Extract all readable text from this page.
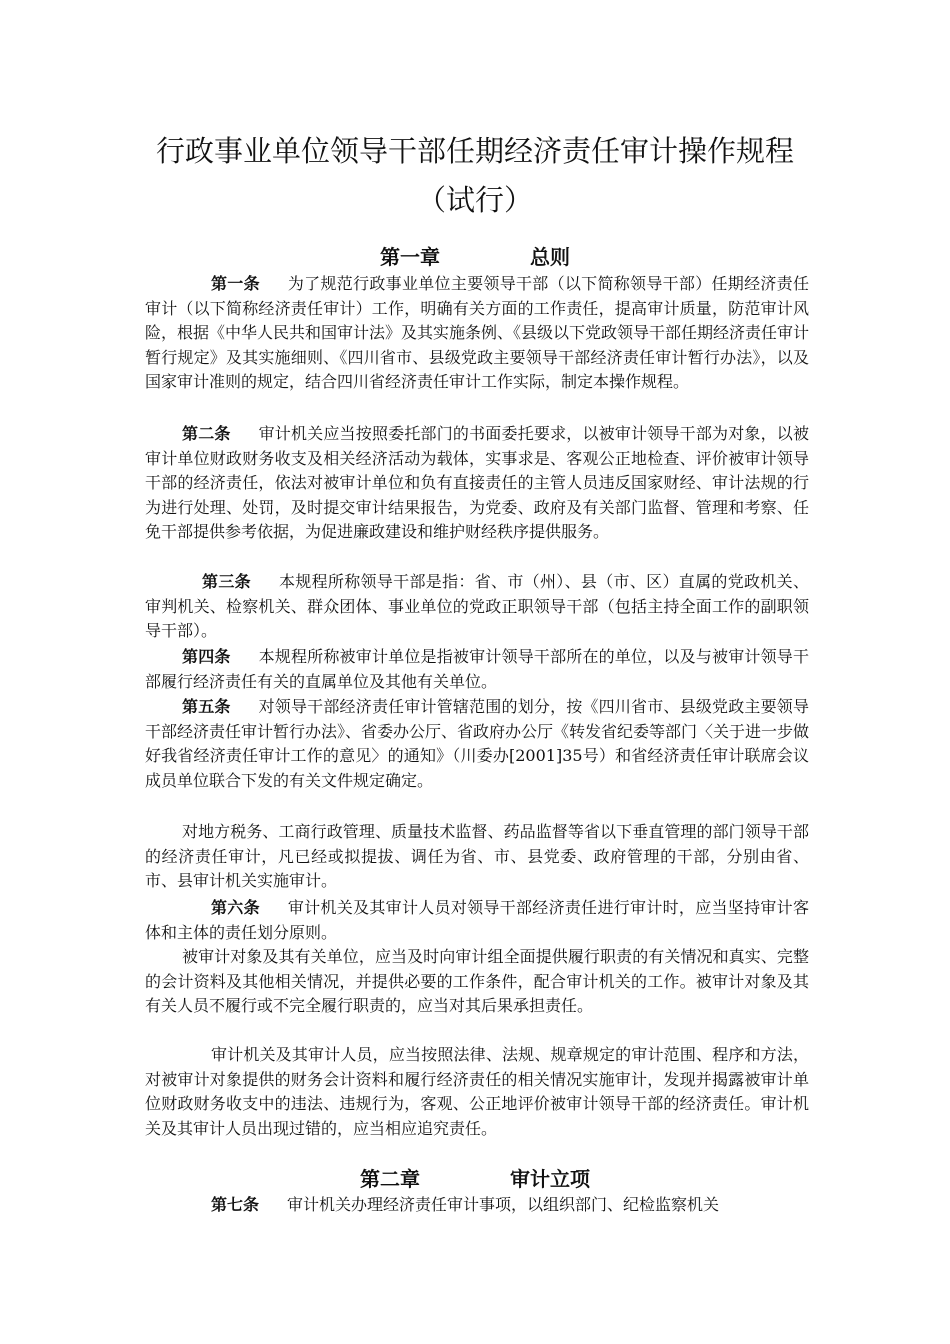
行政事业单位领导干部任期经济责任审计操作规程
（试行）
第一章	总则

第一条 为了规范行政事业单位主要领导干部（以下简称领导干部）任期经济责任审计（以下简称经济责任审计）工作，明确有关方面的工作责任，提高审计质量，防范审计风险，根据《中华人民共和国审计法》及其实施条例、《县级以下党政领导干部任期经济责任审计暂行规定》及其实施细则、《四川省市、县级党政主要领导干部经济责任审计暂行办法》，以及国家审计准则的规定，结合四川省经济责任审计工作实际，制定本操作规程。

第二条 审计机关应当按照委托部门的书面委托要求，以被审计领导干部为对象，以被审计单位财政财务收支及相关经济活动为载体，实事求是、客观公正地检查、评价被审计领导干部的经济责任，依法对被审计单位和负有直接责任的主管人员违反国家财经、审计法规的行为进行处理、处罚，及时提交审计结果报告，为党委、政府及有关部门监督、管理和考察、任免干部提供参考依据，为促进廉政建设和维护财经秩序提供服务。

第三条 本规程所称领导干部是指：省、市（州）、县（市、区）直属的党政机关、审判机关、检察机关、群众团体、事业单位的党政正职领导干部（包括主持全面工作的副职领导干部）。

第四条 本规程所称被审计单位是指被审计领导干部所在的单位，以及与被审计领导干部履行经济责任有关的直属单位及其他有关单位。

第五条 对领导干部经济责任审计管辖范围的划分，按《四川省市、县级党政主要领导干部经济责任审计暂行办法》、省委办公厅、省政府办公厅《转发省纪委等部门〈关于进一步做好我省经济责任审计工作的意见〉的通知》（川委办[2001]35号）和省经济责任审计联席会议成员单位联合下发的有关文件规定确定。

对地方税务、工商行政管理、质量技术监督、药品监督等省以下垂直管理的部门领导干部的经济责任审计，凡已经或拟提拔、调任为省、市、县党委、政府管理的干部，分别由省、市、县审计机关实施审计。

第六条 审计机关及其审计人员对领导干部经济责任进行审计时，应当坚持审计客体和主体的责任划分原则。

被审计对象及其有关单位，应当及时向审计组全面提供履行职责的有关情况和真实、完整的会计资料及其他相关情况，并提供必要的工作条件，配合审计机关的工作。被审计对象及其有关人员不履行或不完全履行职责的，应当对其后果承担责任。

审计机关及其审计人员，应当按照法律、法规、规章规定的审计范围、程序和方法，对被审计对象提供的财务会计资料和履行经济责任的相关情况实施审计，发现并揭露被审计单位财政财务收支中的违法、违规行为，客观、公正地评价被审计领导干部的经济责任。审计机关及其审计人员出现过错的，应当相应追究责任。

第二章	审计立项

第七条 审计机关办理经济责任审计事项，以组织部门、纪检监察机关
